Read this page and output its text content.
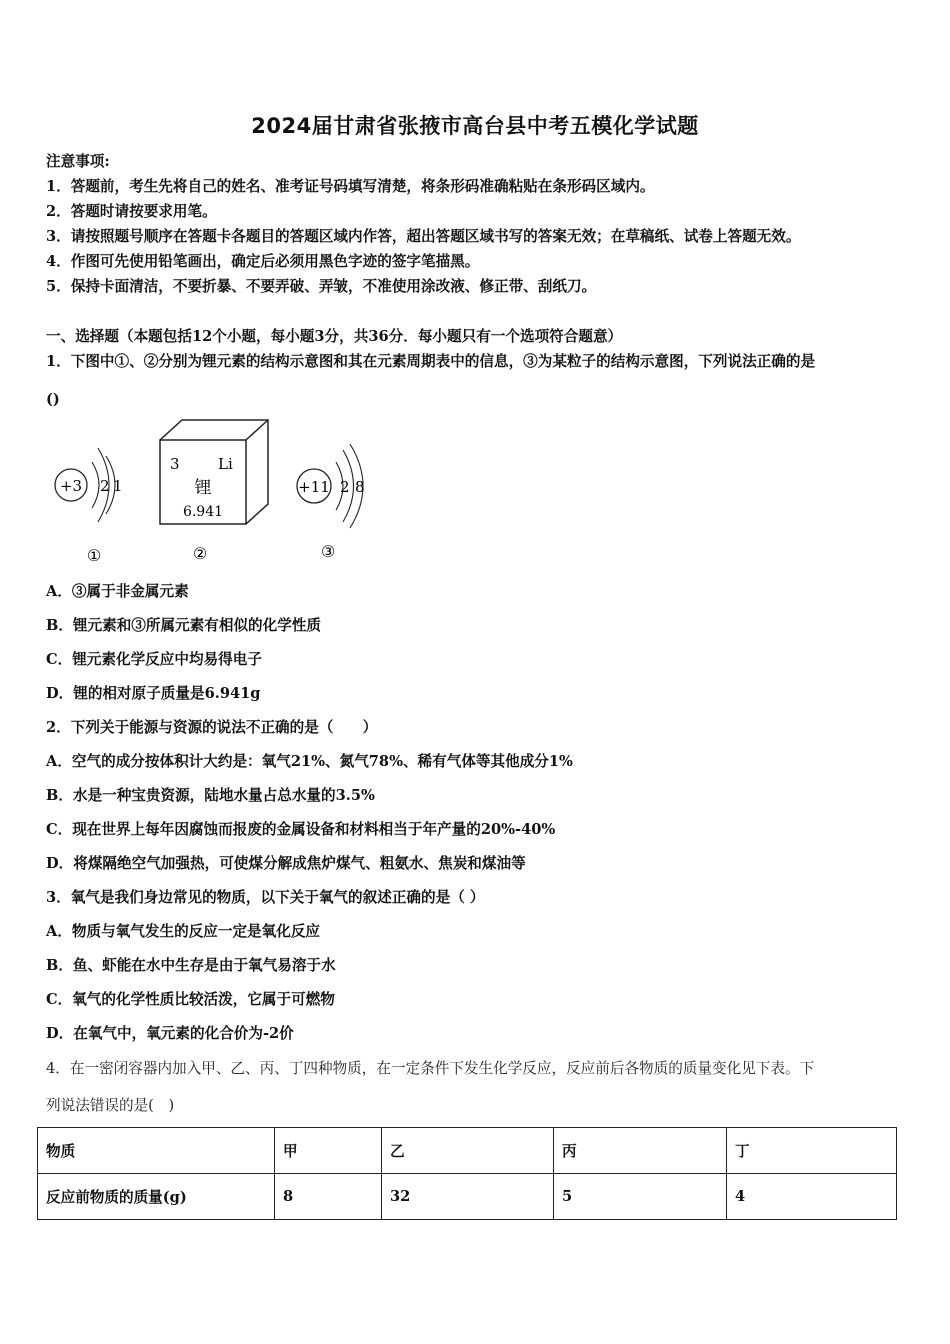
2024届甘肃省张掖市高台县中考五模化学试题
注意事项:
1．答题前，考生先将自己的姓名、准考证号码填写清楚，将条形码准确粘贴在条形码区域内。
2．答题时请按要求用笔。
3．请按照题号顺序在答题卡各题目的答题区域内作答，超出答题区域书写的答案无效；在草稿纸、试卷上答题无效。
4．作图可先使用铅笔画出，确定后必须用黑色字迹的签字笔描黑。
5．保持卡面清洁，不要折暴、不要弄破、弄皱，不准使用涂改液、修正带、刮纸刀。
一、选择题（本题包括12个小题，每小题3分，共36分．每小题只有一个选项符合题意）
1．下图中①、②分别为锂元素的结构示意图和其在元素周期表中的信息，③为某粒子的结构示意图，下列说法正确的是
()
+3 2 1
①
3	Li
锂
6.941
②
+11 2 8
③
A．③属于非金属元素
B．锂元素和③所属元素有相似的化学性质
C．锂元素化学反应中均易得电子
D．锂的相对原子质量是6.941g
2．下列关于能源与资源的说法不正确的是（　　）
A．空气的成分按体积计大约是：氧气21%、氮气78%、稀有气体等其他成分1%
B．水是一种宝贵资源，陆地水量占总水量的3.5%
C．现在世界上每年因腐蚀而报废的金属设备和材料相当于年产量的20%-40%
D．将煤隔绝空气加强热，可使煤分解成焦炉煤气、粗氨水、焦炭和煤油等
3．氧气是我们身边常见的物质，以下关于氧气的叙述正确的是（ ）
A．物质与氧气发生的反应一定是氧化反应
B．鱼、虾能在水中生存是由于氧气易溶于水
C．氧气的化学性质比较活泼，它属于可燃物
D．在氧气中，氧元素的化合价为-2价
4．在一密闭容器内加入甲、乙、丙、丁四种物质，在一定条件下发生化学反应，反应前后各物质的质量变化见下表。下
列说法错误的是(　)
物质	甲	乙	丙	丁
反应前物质的质量(g)	8	32	5	4
